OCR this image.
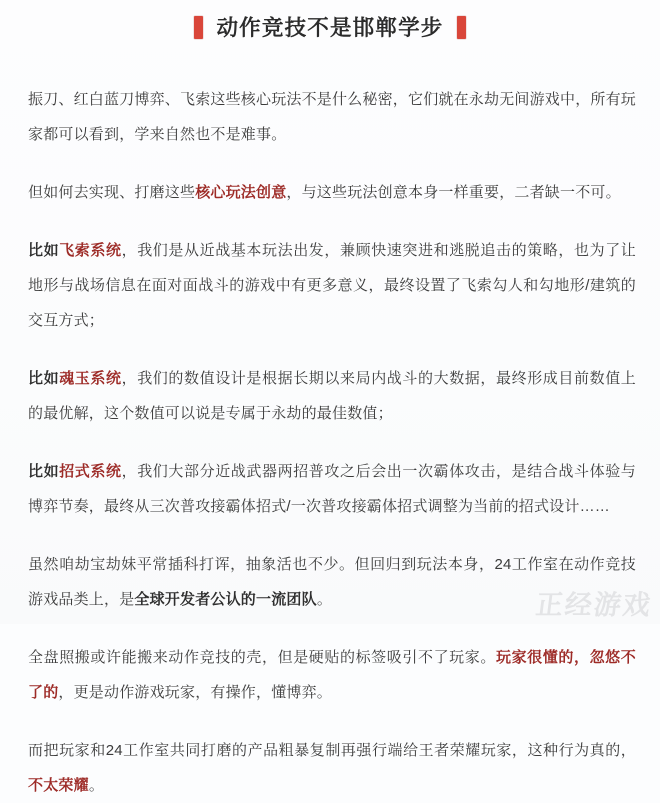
动作竞技不是邯郸学步

振刀、红白蓝刀博弈、飞索这些核心玩法不是什么秘密，它们就在永劫无间游戏中，所有玩家都可以看到，学来自然也不是难事。

但如何去实现、打磨这些核心玩法创意，与这些玩法创意本身一样重要，二者缺一不可。

比如飞索系统，我们是从近战基本玩法出发，兼顾快速突进和逃脱追击的策略，也为了让地形与战场信息在面对面战斗的游戏中有更多意义，最终设置了飞索勾人和勾地形/建筑的交互方式；

比如魂玉系统，我们的数值设计是根据长期以来局内战斗的大数据，最终形成目前数值上的最优解，这个数值可以说是专属于永劫的最佳数值；

比如招式系统，我们大部分近战武器两招普攻之后会出一次霸体攻击，是结合战斗体验与博弈节奏，最终从三次普攻接霸体招式/一次普攻接霸体招式调整为当前的招式设计……

虽然咱劫宝劫妹平常插科打诨，抽象活也不少。但回归到玩法本身，24工作室在动作竞技游戏品类上，是全球开发者公认的一流团队。

全盘照搬或许能搬来动作竞技的壳，但是硬贴的标签吸引不了玩家。玩家很懂的，忽悠不了的，更是动作游戏玩家，有操作，懂博弈。

而把玩家和24工作室共同打磨的产品粗暴复制再强行端给王者荣耀玩家，这种行为真的，不太荣耀。

正经游戏
